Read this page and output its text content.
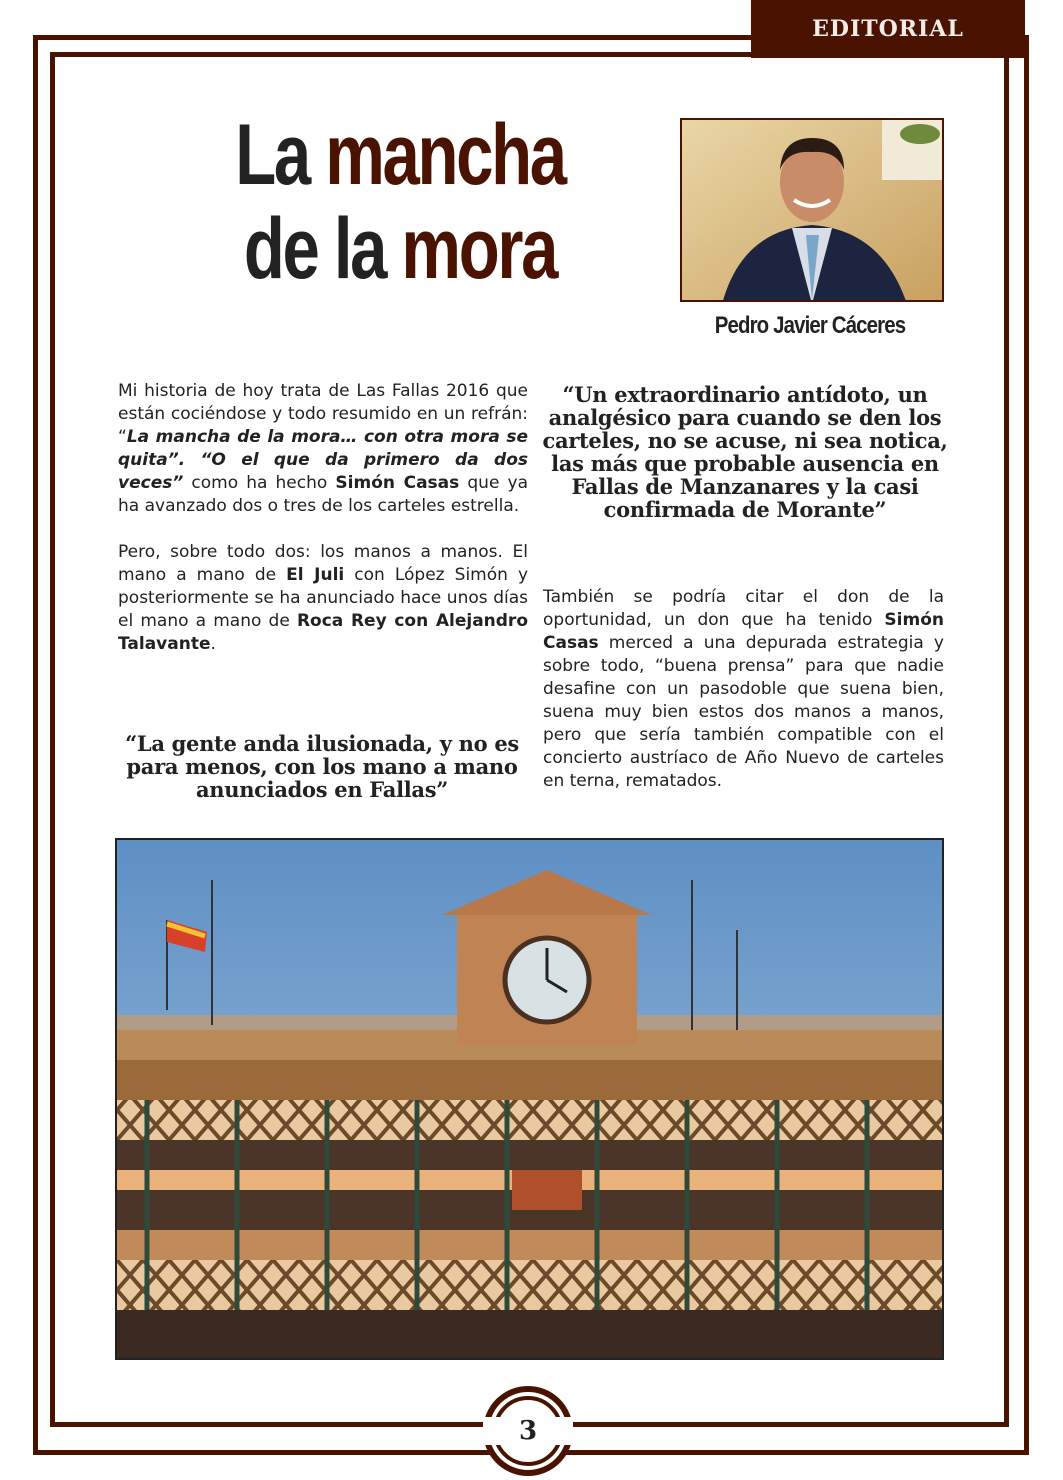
EDITORIAL
La mancha
de la mora
Pedro Javier Cáceres

Mi historia de hoy trata de Las Fallas 2016 que están cociéndose y todo resumido en un refrán: “La mancha de la mora… con otra mora se quita”. “O el que da primero da dos veces” como ha hecho Simón Casas que ya ha avanzado dos o tres de los carteles estrella.

Pero, sobre todo dos: los manos a manos. El mano a mano de El Juli con López Simón y posteriormente se ha anunciado hace unos días el mano a mano de Roca Rey con Alejandro Talavante.

“La gente anda ilusionada, y no es para menos, con los mano a mano anunciados en Fallas”
“Un extraordinario antídoto, un analgésico para cuando se den los carteles, no se acuse, ni sea notica, las más que probable ausencia en Fallas de Manzanares y la casi confirmada de Morante”

También se podría citar el don de la oportunidad, un don que ha tenido Simón Casas merced a una depurada estrategia y sobre todo, “buena prensa” para que nadie desafine con un pasodoble que suena bien, suena muy bien estos dos manos a manos, pero que sería también compatible con el concierto austríaco de Año Nuevo de carteles en terna, rematados.

3
